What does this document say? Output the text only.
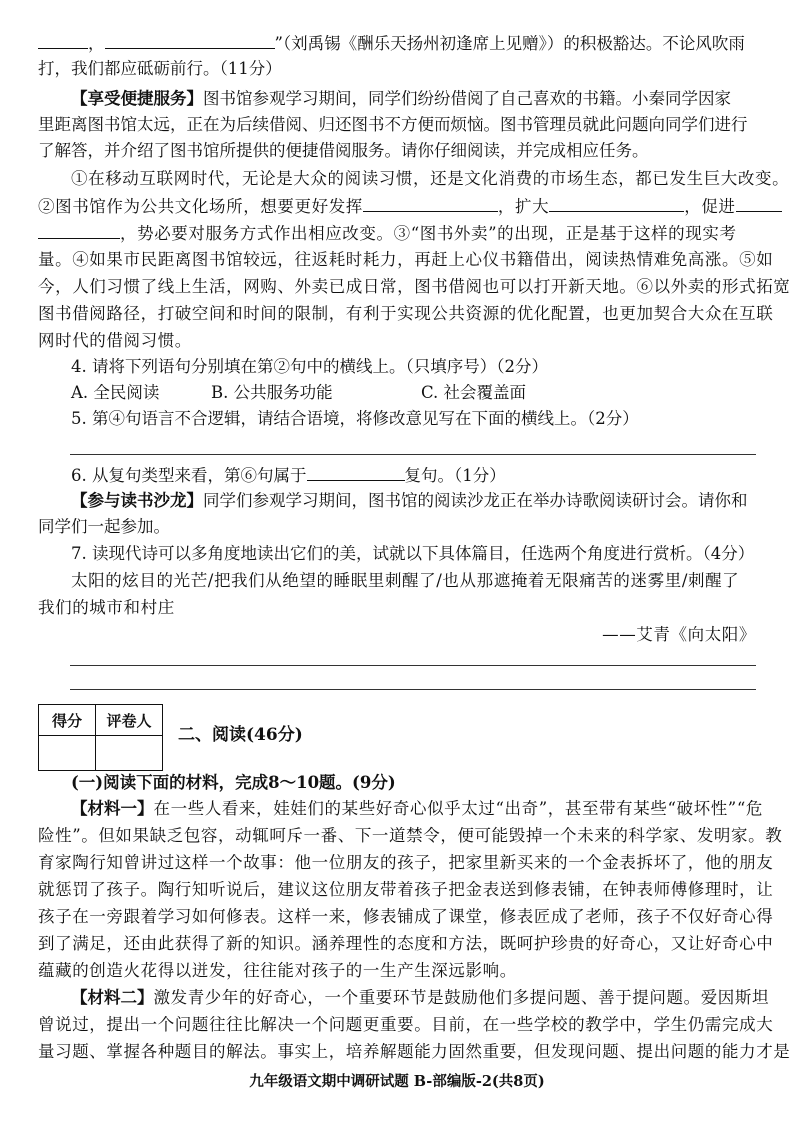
，	”（刘禹锡《酬乐天扬州初逢席上见赠》）的积极豁达。不论风吹雨
打，我们都应砥砺前行。（11分）
【享受便捷服务】图书馆参观学习期间，同学们纷纷借阅了自己喜欢的书籍。小秦同学因家
里距离图书馆太远，正在为后续借阅、归还图书不方便而烦恼。图书管理员就此问题向同学们进行
了解答，并介绍了图书馆所提供的便捷借阅服务。请你仔细阅读，并完成相应任务。
①在移动互联网时代，无论是大众的阅读习惯，还是文化消费的市场生态，都已发生巨大改变。
②图书馆作为公共文化场所，想要更好发挥	，扩大	，促进
，势必要对服务方式作出相应改变。③“图书外卖”的出现，正是基于这样的现实考
量。④如果市民距离图书馆较远，往返耗时耗力，再赶上心仪书籍借出，阅读热情难免高涨。⑤如
今，人们习惯了线上生活，网购、外卖已成日常，图书借阅也可以打开新天地。⑥以外卖的形式拓宽
图书借阅路径，打破空间和时间的限制，有利于实现公共资源的优化配置，也更加契合大众在互联
网时代的借阅习惯。
4. 请将下列语句分别填在第②句中的横线上。（只填序号）（2分）
A. 全民阅读	B. 公共服务功能	C. 社会覆盖面
5. 第④句语言不合逻辑，请结合语境，将修改意见写在下面的横线上。（2分）
6. 从复句类型来看，第⑥句属于	复句。（1分）
【参与读书沙龙】同学们参观学习期间，图书馆的阅读沙龙正在举办诗歌阅读研讨会。请你和
同学们一起参加。
7. 读现代诗可以多角度地读出它们的美，试就以下具体篇目，任选两个角度进行赏析。（4分）
太阳的炫目的光芒/把我们从绝望的睡眠里刺醒了/也从那遮掩着无限痛苦的迷雾里/刺醒了
我们的城市和村庄
——艾青《向太阳》
得分	评卷人

二、阅读(46分)
(一)阅读下面的材料，完成8～10题。(9分)
【材料一】在一些人看来，娃娃们的某些好奇心似乎太过“出奇”，甚至带有某些“破坏性”“危
险性”。但如果缺乏包容，动辄呵斥一番、下一道禁令，便可能毁掉一个未来的科学家、发明家。教
育家陶行知曾讲过这样一个故事：他一位朋友的孩子，把家里新买来的一个金表拆坏了，他的朋友
就惩罚了孩子。陶行知听说后，建议这位朋友带着孩子把金表送到修表铺，在钟表师傅修理时，让
孩子在一旁跟着学习如何修表。这样一来，修表铺成了课堂，修表匠成了老师，孩子不仅好奇心得
到了满足，还由此获得了新的知识。涵养理性的态度和方法，既呵护珍贵的好奇心，又让好奇心中
蕴藏的创造火花得以迸发，往往能对孩子的一生产生深远影响。
【材料二】激发青少年的好奇心，一个重要环节是鼓励他们多提问题、善于提问题。爱因斯坦
曾说过，提出一个问题往往比解决一个问题更重要。目前，在一些学校的教学中，学生仍需完成大
量习题、掌握各种题目的解法。事实上，培养解题能力固然重要，但发现问题、提出问题的能力才是
九年级语文期中调研试题 B-部编版-2(共8页)
